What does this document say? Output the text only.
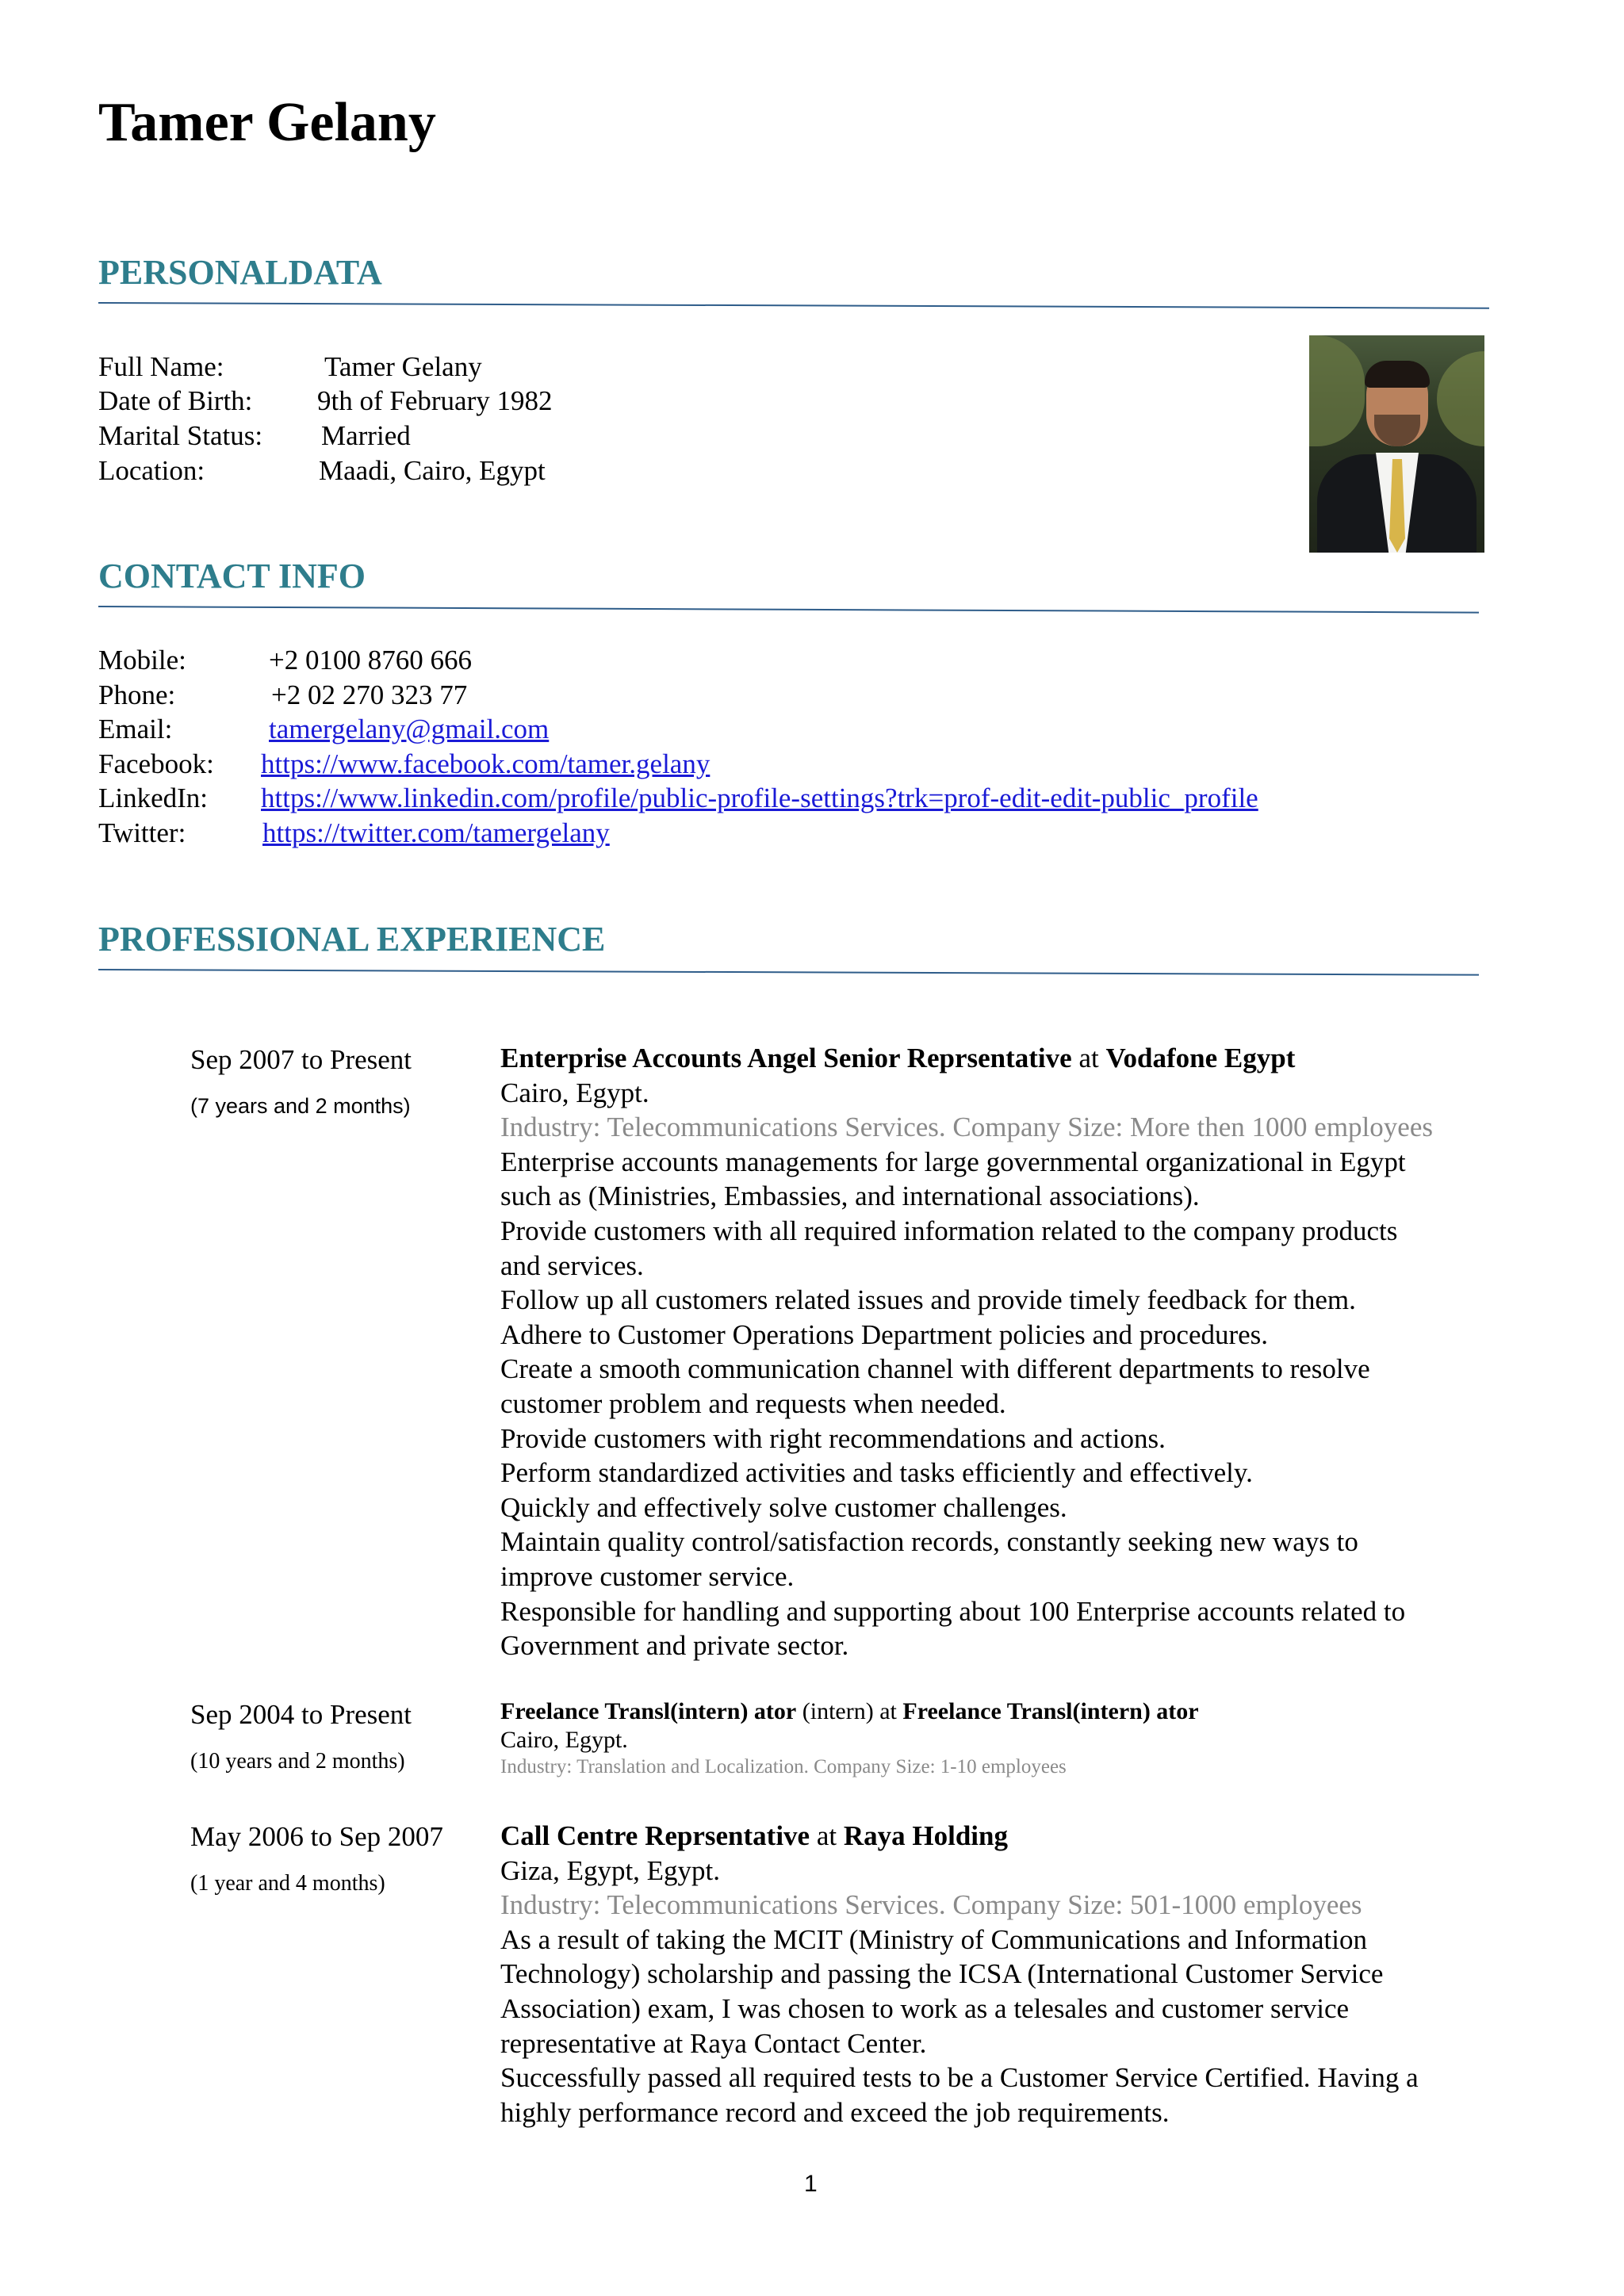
Tamer Gelany
PERSONALDATA
Full Name:	Tamer Gelany
Date of Birth: 9th of February 1982
Marital Status: Married
Location:	Maadi, Cairo, Egypt
CONTACT INFO
Mobile:	+2 0100 8760 666
Phone:	+2 02 270 323 77
Email:	tamergelany@gmail.com
Facebook: https://www.facebook.com/tamer.gelany
LinkedIn: https://www.linkedin.com/profile/public-profile-settings?trk=prof-edit-edit-public_profile
Twitter:	https://twitter.com/tamergelany
PROFESSIONAL EXPERIENCE
Sep 2007 to Present
(7 years and 2 months)
Enterprise Accounts Angel Senior Reprsentative at Vodafone Egypt
Cairo, Egypt.
Industry: Telecommunications Services. Company Size: More then 1000 employees
Enterprise accounts managements for large governmental organizational in Egypt
such as (Ministries, Embassies, and international associations).
Provide customers with all required information related to the company products
and services.
Follow up all customers related issues and provide timely feedback for them.
Adhere to Customer Operations Department policies and procedures.
Create a smooth communication channel with different departments to resolve
customer problem and requests when needed.
Provide customers with right recommendations and actions.
Perform standardized activities and tasks efficiently and effectively.
Quickly and effectively solve customer challenges.
Maintain quality control/satisfaction records, constantly seeking new ways to
improve customer service.
Responsible for handling and supporting about 100 Enterprise accounts related to
Government and private sector.
Sep 2004 to Present
(10 years and 2 months)
Freelance Transl(intern) ator (intern) at Freelance Transl(intern) ator
Cairo, Egypt.
Industry: Translation and Localization. Company Size: 1-10 employees
May 2006 to Sep 2007
(1 year and 4 months)
Call Centre Reprsentative at Raya Holding
Giza, Egypt, Egypt.
Industry: Telecommunications Services. Company Size: 501-1000 employees
As a result of taking the MCIT (Ministry of Communications and Information
Technology) scholarship and passing the ICSA (International Customer Service
Association) exam, I was chosen to work as a telesales and customer service
representative at Raya Contact Center.
Successfully passed all required tests to be a Customer Service Certified. Having a
highly performance record and exceed the job requirements.
1
